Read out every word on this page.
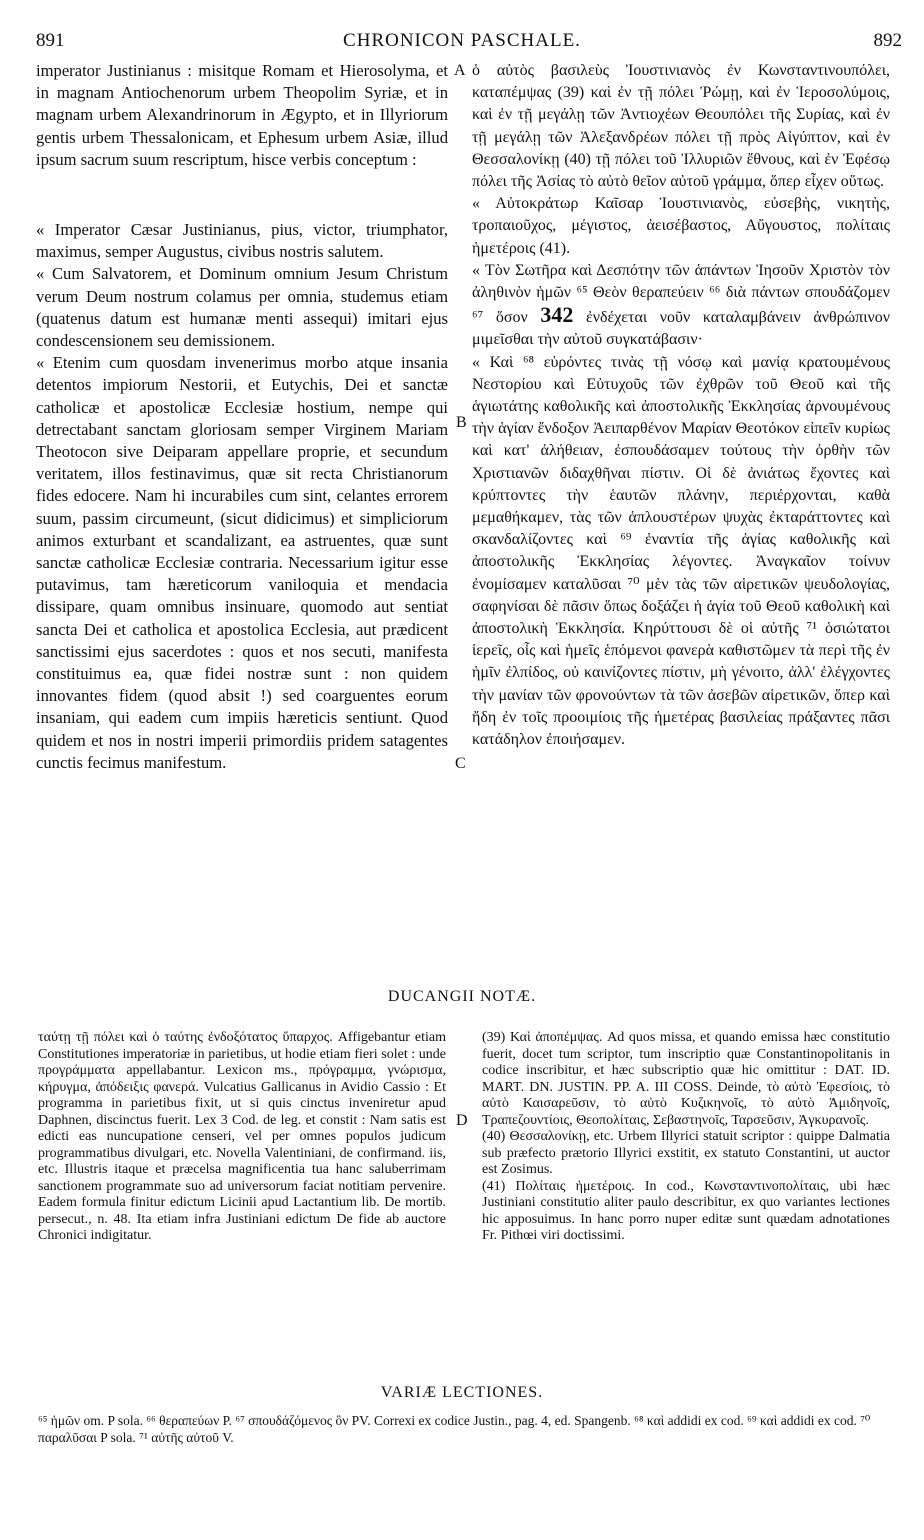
891	CHRONICON PASCHALE.	892

imperator Justinianus : misitque Romam et Hierosolyma, et in magnam Antiochenorum urbem Theopolim Syriæ, et in magnam urbem Alexandrinorum in Ægypto, et in Illyriorum gentis urbem Thessalonicam, et Ephesum urbem Asiæ, illud ipsum sacrum suum rescriptum, hisce verbis conceptum :

« Imperator Cæsar Justinianus, pius, victor, triumphator, maximus, semper Augustus, civibus nostris salutem.

« Cum Salvatorem, et Dominum omnium Jesum Christum verum Deum nostrum colamus per omnia, studemus etiam (quatenus datum est humanæ menti assequi) imitari ejus condescensionem seu demissionem.

« Etenim cum quosdam invenerimus morbo atque insania detentos impiorum Nestorii, et Eutychis, Dei et sanctæ catholicæ et apostolicæ Ecclesiæ hostium, nempe qui detrectabant sanctam gloriosam semper Virginem Mariam Theotocon sive Deiparam appellare proprie, et secundum veritatem, illos festinavimus, quæ sit recta Christianorum fides edocere. Nam hi incurabiles cum sint, celantes errorem suum, passim circumeunt, (sicut didicimus) et simpliciorum animos exturbant et scandalizant, ea astruentes, quæ sunt sanctæ catholicæ Ecclesiæ contraria. Necessarium igitur esse putavimus, tam hæreticorum vaniloquia et mendacia dissipare, quam omnibus insinuare, quomodo aut sentiat sancta Dei et catholica et apostolica Ecclesia, aut prædicent sanctissimi ejus sacerdotes : quos et nos secuti, manifesta constituimus ea, quæ fidei nostræ sunt : non quidem innovantes fidem (quod absit !) sed coarguentes eorum insaniam, qui eadem cum impiis hæreticis sentiunt. Quod quidem et nos in nostri imperii primordiis pridem satagentes cunctis fecimus manifestum.

A
B
C
D

ὁ αὐτὸς βασιλεὺς Ἰουστινιανὸς ἐν Κωνσταντινουπόλει, καταπέμψας (39) καὶ ἐν τῇ πόλει Ῥώμῃ, καὶ ἐν Ἱεροσολύμοις, καὶ ἐν τῇ μεγάλῃ τῶν Ἀντιοχέων Θεουπόλει τῆς Συρίας, καὶ ἐν τῇ μεγάλῃ τῶν Ἀλεξανδρέων πόλει τῇ πρὸς Αἰγύπτον, καὶ ἐν Θεσσαλονίκῃ (40) τῇ πόλει τοῦ Ἰλλυριῶν ἔθνους, καὶ ἐν Ἐφέσῳ πόλει τῆς Ἀσίας τὸ αὐτὸ θεῖον αὐτοῦ γράμμα, ὅπερ εἶχεν οὕτως.

« Αὐτοκράτωρ Καῖσαρ Ἰουστινιανὸς, εὐσεβὴς, νικητὴς, τροπαιοῦχος, μέγιστος, ἀεισέβαστος, Αὔγουστος, πολίταις ἡμετέροις (41).

« Τὸν Σωτῆρα καὶ Δεσπότην τῶν ἁπάντων Ἰησοῦν Χριστὸν τὸν ἀληθινὸν ἡμῶν ⁶⁵ Θεὸν θεραπεύειν ⁶⁶ διὰ πάντων σπουδάζομεν ⁶⁷ ὅσον 342 ἐνδέχεται νοῦν καταλαμβάνειν ἀνθρώπινον μιμεῖσθαι τὴν αὐτοῦ συγκατάβασιν·

« Καὶ ⁶⁸ εὑρόντες τινὰς τῇ νόσῳ καὶ μανίᾳ κρατουμένους Νεστορίου καὶ Εὐτυχοῦς τῶν ἐχθρῶν τοῦ Θεοῦ καὶ τῆς ἁγιωτάτης καθολικῆς καὶ ἀποστολικῆς Ἐκκλησίας ἀρνουμένους τὴν ἁγίαν ἔνδοξον Ἀειπαρθένον Μαρίαν Θεοτόκον εἰπεῖν κυρίως καὶ κατ' ἀλήθειαν, ἐσπουδάσαμεν τούτους τὴν ὀρθὴν τῶν Χριστιανῶν διδαχθῆναι πίστιν. Οἱ δὲ ἀνιάτως ἔχοντες καὶ κρύπτοντες τὴν ἑαυτῶν πλάνην, περιέρχονται, καθὰ μεμαθήκαμεν, τὰς τῶν ἁπλουστέρων ψυχὰς ἐκταράττοντες καὶ σκανδαλίζοντες καὶ ⁶⁹ ἐναντία τῆς ἁγίας καθολικῆς καὶ ἀποστολικῆς Ἐκκλησίας λέγοντες. Ἀναγκαῖον τοίνυν ἐνομίσαμεν καταλῦσαι ⁷⁰ μὲν τὰς τῶν αἱρετικῶν ψευδολογίας, σαφηνίσαι δὲ πᾶσιν ὅπως δοξάζει ἡ ἁγία τοῦ Θεοῦ καθολικὴ καὶ ἀποστολικὴ Ἐκκλησία. Κηρύττουσι δὲ οἱ αὐτῆς ⁷¹ ὁσιώτατοι ἱερεῖς, οἷς καὶ ἡμεῖς ἑπόμενοι φανερὰ καθιστῶμεν τὰ περὶ τῆς ἐν ἡμῖν ἐλπίδος, οὐ καινίζοντες πίστιν, μὴ γένοιτο, ἀλλ' ἐλέγχοντες τὴν μανίαν τῶν φρονούντων τὰ τῶν ἀσεβῶν αἱρετικῶν, ὅπερ καὶ ἤδη ἐν τοῖς προοιμίοις τῆς ἡμετέρας βασιλείας πράξαντες πᾶσι κατάδηλον ἐποιήσαμεν.

DUCANGII NOTÆ.

ταύτῃ τῇ πόλει καὶ ὁ ταύτης ἐνδοξότατος ὕπαρχος. Affigebantur etiam Constitutiones imperatoriæ in parietibus, ut hodie etiam fieri solet : unde προγράμματα appellabantur. Lexicon ms., πρόγραμμα, γνώρισμα, κήρυγμα, ἀπόδειξις φανερά. Vulcatius Gallicanus in Avidio Cassio : Et programma in parietibus fixit, ut si quis cinctus inveniretur apud Daphnen, discinctus fuerit. Lex 3 Cod. de leg. et constit : Nam satis est edicti eas nuncupatione censeri, vel per omnes populos judicum programmatibus divulgari, etc. Novella Valentiniani, de confirmand. iis, etc. Illustris itaque et præcelsa magnificentia tua hanc saluberrimam sanctionem programmate suo ad universorum faciat notitiam pervenire. Eadem formula finitur edictum Licinii apud Lactantium lib. De mortib. persecut., n. 48. Ita etiam infra Justiniani edictum De fide ab auctore Chronici indigitatur.

(39) Καὶ ἀποπέμψας. Ad quos missa, et quando emissa hæc constitutio fuerit, docet tum scriptor, tum inscriptio quæ Constantinopolitanis in codice inscribitur, et hæc subscriptio quæ hic omittitur : DAT. ID. MART. DN. JUSTIN. PP. A. III COSS. Deinde, τὸ αὐτὸ Ἐφεσίοις, τὸ αὐτὸ Καισαρεῦσιν, τὸ αὐτὸ Κυζικηνοῖς, τὸ αὐτὸ Ἀμιδηνοῖς, Τραπεζουντίοις, Θεοπολίταις, Σεβαστηνοῖς, Ταρσεῦσιν, Ἀγκυρανοῖς.

(40) Θεσσαλονίκῃ, etc. Urbem Illyrici statuit scriptor : quippe Dalmatia sub præfecto prætorio Illyrici exstitit, ex statuto Constantini, ut auctor est Zosimus.

(41) Πολίταις ἡμετέροις. In cod., Κωνσταντινοπολίταις, ubi hæc Justiniani constitutio aliter paulo describitur, ex quo variantes lectiones hic apposuimus. In hanc porro nuper editæ sunt quædam adnotationes Fr. Pithœi viri doctissimi.

VARIÆ LECTIONES.

⁶⁵ ἡμῶν om. P sola. ⁶⁶ θεραπεύων P. ⁶⁷ σπουδάζόμενος ὃν PV. Correxi ex codice Justin., pag. 4, ed. Spangenb. ⁶⁸ καὶ addidi ex cod. ⁶⁹ καὶ addidi ex cod. ⁷⁰ παραλῦσαι P sola. ⁷¹ αὐτῆς αὐτοῦ V.
